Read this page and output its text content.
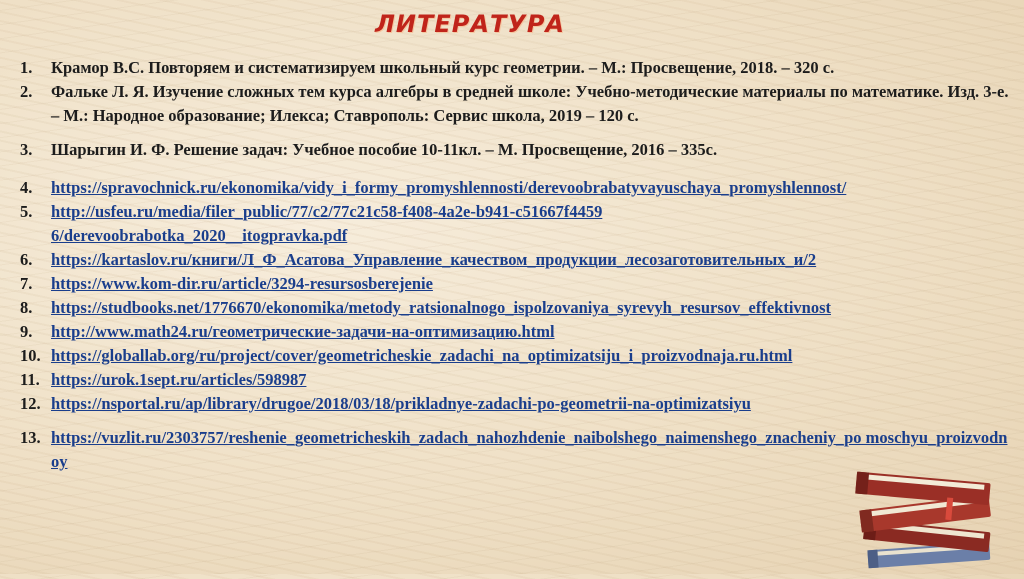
ЛИТЕРАТУРА
1.	Крамор В.С. Повторяем и систематизируем школьный курс геометрии. – М.: Просвещение, 2018. – 320 с.
2.	Фальке Л. Я. Изучение сложных тем курса алгебры в средней школе: Учебно-методические материалы по математике. Изд. 3-е. – М.: Народное образование; Илекса; Ставрополь: Сервис школа, 2019 – 120 с.
3.	Шарыгин И. Ф. Решение задач: Учебное пособие 10-11кл. – М. Просвещение, 2016 – 335с.
4.	https://spravochnick.ru/ekonomika/vidy_i_formy_promyshlennosti/derevoobrabatyvayuschaya_promyshlennost/
5.	http://usfeu.ru/media/filer_public/77/c2/77c21c58-f408-4a2e-b941-c51667f44596/derevoobrabotka_2020__itogpravka.pdf
6.	https://kartaslov.ru/книги/Л_Ф_Асатова_Управление_качеством_продукции_лесозаготовительных_и/2
7.	https://www.kom-dir.ru/article/3294-resursosberejenie
8.	https://studbooks.net/1776670/ekonomika/metody_ratsionalnogo_ispolzovaniya_syrevyh_resursov_effektivnost
9.	http://www.math24.ru/геометрические-задачи-на-оптимизацию.html
10. https://globallab.org/ru/project/cover/geometricheskie_zadachi_na_optimizatsiju_i_proizvodnaja.ru.html
11. https://urok.1sept.ru/articles/598987
12. https://nsportal.ru/ap/library/drugoe/2018/03/18/prikladnye-zadachi-po-geometrii-na-optimizatsiyu
13. https://vuzlit.ru/2303757/reshenie_geometricheskih_zadach_nahozhdenie_naibolshego_naimenshego_znacheniy_po moschyu_proizvodnoy
